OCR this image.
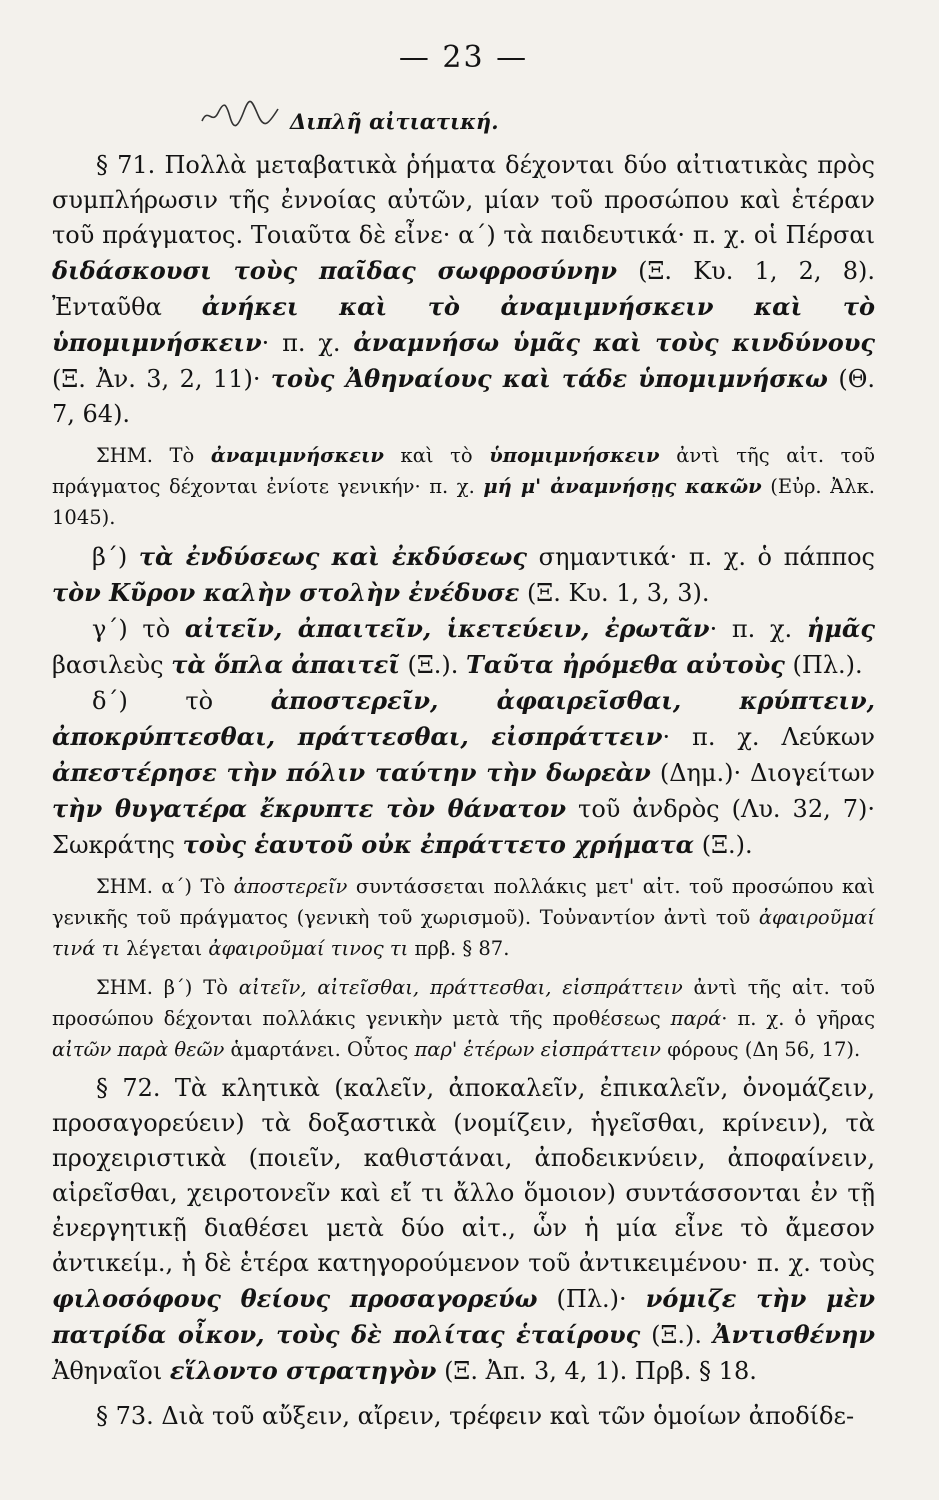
— 23 —
Διπλῆ αἰτιατική.

§ 71. Πολλὰ μεταβατικὰ ῥήματα δέχονται δύο αἰτιατικὰς πρὸς συμπλήρωσιν τῆς ἐννοίας αὐτῶν, μίαν τοῦ προσώπου καὶ ἑτέραν τοῦ πράγματος. Τοιαῦτα δὲ εἶνε· α΄) τὰ παιδευτικά· π. χ. οἱ Πέρσαι διδάσκουσι τοὺς παῖδας σωφροσύνην (Ξ. Κυ. 1, 2, 8). Ἐνταῦθα ἀνήκει καὶ τὸ ἀναμιμνήσκειν καὶ τὸ ὑπομιμνήσκειν· π. χ. ἀναμνήσω ὑμᾶς καὶ τοὺς κινδύνους (Ξ. Ἀν. 3, 2, 11)· τοὺς Ἀθηναίους καὶ τάδε ὑπομιμνήσκω (Θ. 7, 64).

ΣΗΜ. Τὸ ἀναμιμνήσκειν καὶ τὸ ὑπομιμνήσκειν ἀντὶ τῆς αἰτ. τοῦ πράγματος δέχονται ἐνίοτε γενικήν· π. χ. μή μ' ἀναμνήσῃς κακῶν (Εὐρ. Ἀλκ. 1045).

β΄) τὰ ἐνδύσεως καὶ ἐκδύσεως σημαντικά· π. χ. ὁ πάππος τὸν Κῦρον καλὴν στολὴν ἐνέδυσε (Ξ. Κυ. 1, 3, 3).

γ΄) τὸ αἰτεῖν, ἀπαιτεῖν, ἱκετεύειν, ἐρωτᾶν· π. χ. ἡμᾶς βασιλεὺς τὰ ὅπλα ἀπαιτεῖ (Ξ.). Ταῦτα ἠρόμεθα αὐτοὺς (Πλ.).

δ΄) τὸ ἀποστερεῖν, ἀφαιρεῖσθαι, κρύπτειν, ἀποκρύπτεσθαι, πράττεσθαι, εἰσπράττειν· π. χ. Λεύκων ἀπεστέρησε τὴν πόλιν ταύτην τὴν δωρεὰν (Δημ.)· Διογείτων τὴν θυγατέρα ἔκρυπτε τὸν θάνατον τοῦ ἀνδρὸς (Λυ. 32, 7)· Σωκράτης τοὺς ἑαυτοῦ οὐκ ἐπράττετο χρήματα (Ξ.).

ΣΗΜ. α΄) Τὸ ἀποστερεῖν συντάσσεται πολλάκις μετ' αἰτ. τοῦ προσώπου καὶ γενικῆς τοῦ πράγματος (γενικὴ τοῦ χωρισμοῦ). Τοὐναντίον ἀντὶ τοῦ ἀφαιροῦμαί τινά τι λέγεται ἀφαιροῦμαί τινος τι πρβ. § 87.

ΣΗΜ. β΄) Τὸ αἰτεῖν, αἰτεῖσθαι, πράττεσθαι, εἰσπράττειν ἀντὶ τῆς αἰτ. τοῦ προσώπου δέχονται πολλάκις γενικὴν μετὰ τῆς προθέσεως παρά· π. χ. ὁ γῆρας αἰτῶν παρὰ θεῶν ἁμαρτάνει. Οὗτος παρ' ἑτέρων εἰσπράττειν φόρους (Δη 56, 17).

§ 72. Τὰ κλητικὰ (καλεῖν, ἀποκαλεῖν, ἐπικαλεῖν, ὀνομάζειν, προσαγορεύειν) τὰ δοξαστικὰ (νομίζειν, ἡγεῖσθαι, κρίνειν), τὰ προχειριστικὰ (ποιεῖν, καθιστάναι, ἀποδεικνύειν, ἀποφαίνειν, αἱρεῖσθαι, χειροτονεῖν καὶ εἴ τι ἄλλο ὅμοιον) συντάσσονται ἐν τῇ ἐνεργητικῇ διαθέσει μετὰ δύο αἰτ., ὧν ἡ μία εἶνε τὸ ἄμεσον ἀντικείμ., ἡ δὲ ἑτέρα κατηγορούμενον τοῦ ἀντικειμένου· π. χ. τοὺς φιλοσόφους θείους προσαγορεύω (Πλ.)· νόμιζε τὴν μὲν πατρίδα οἶκον, τοὺς δὲ πολίτας ἑταίρους (Ξ.). Ἀντισθένην Ἀθηναῖοι εἵλοντο στρατηγὸν (Ξ. Ἀπ. 3, 4, 1). Πρβ. § 18.

§ 73. Διὰ τοῦ αὔξειν, αἴρειν, τρέφειν καὶ τῶν ὁμοίων ἀποδίδε-
